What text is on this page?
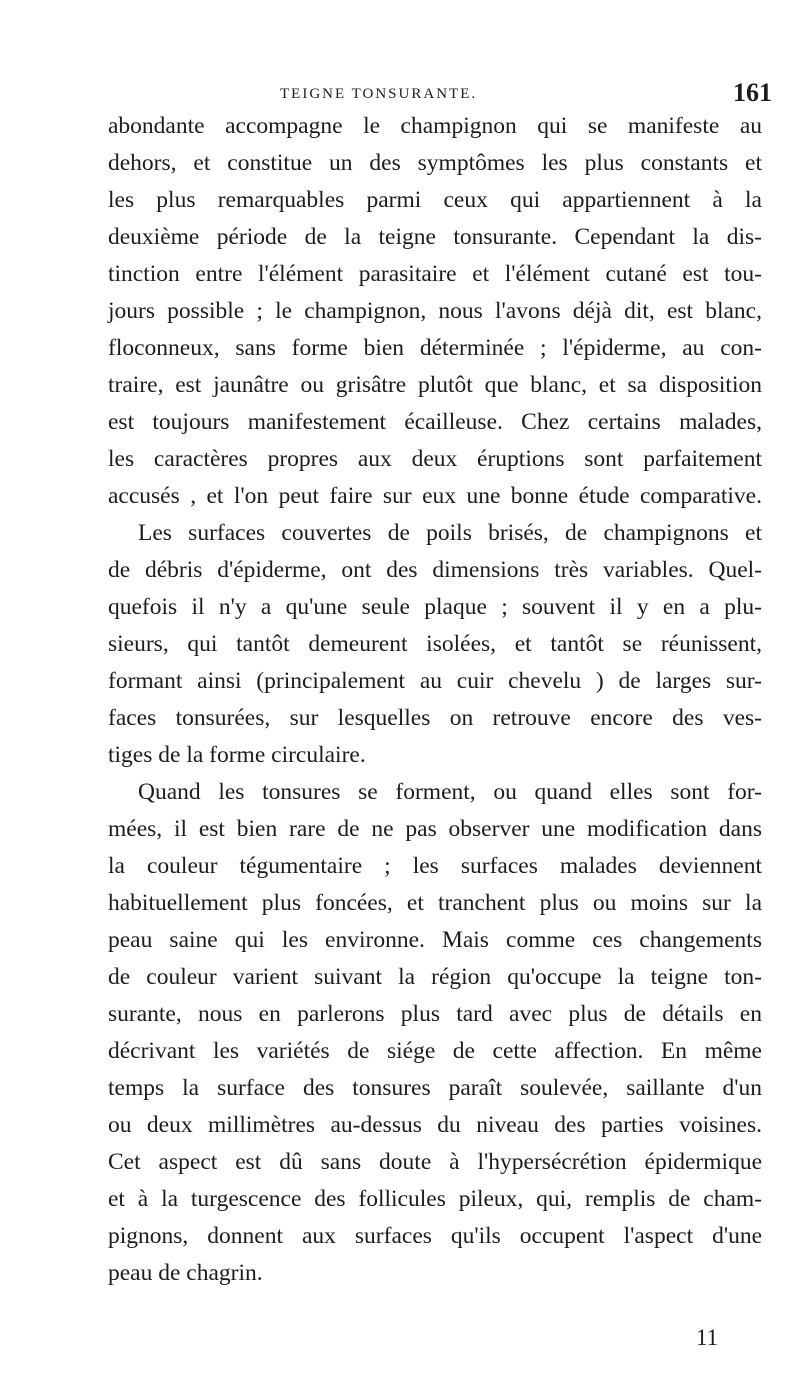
TEIGNE TONSURANTE.	161
abondante accompagne le champignon qui se manifeste au
dehors, et constitue un des symptômes les plus constants et
les plus remarquables parmi ceux qui appartiennent à la
deuxième période de la teigne tonsurante. Cependant la dis-
tinction entre l'élément parasitaire et l'élément cutané est tou-
jours possible ; le champignon, nous l'avons déjà dit, est blanc,
floconneux, sans forme bien déterminée ; l'épiderme, au con-
traire, est jaunâtre ou grisâtre plutôt que blanc, et sa disposition
est toujours manifestement écailleuse. Chez certains malades,
les caractères propres aux deux éruptions sont parfaitement
accusés , et l'on peut faire sur eux une bonne étude comparative.
Les surfaces couvertes de poils brisés, de champignons et
de débris d'épiderme, ont des dimensions très variables. Quel-
quefois il n'y a qu'une seule plaque ; souvent il y en a plu-
sieurs, qui tantôt demeurent isolées, et tantôt se réunissent,
formant ainsi (principalement au cuir chevelu ) de larges sur-
faces tonsurées, sur lesquelles on retrouve encore des ves-
tiges de la forme circulaire.
Quand les tonsures se forment, ou quand elles sont for-
mées, il est bien rare de ne pas observer une modification dans
la couleur tégumentaire ; les surfaces malades deviennent
habituellement plus foncées, et tranchent plus ou moins sur la
peau saine qui les environne. Mais comme ces changements
de couleur varient suivant la région qu'occupe la teigne ton-
surante, nous en parlerons plus tard avec plus de détails en
décrivant les variétés de siége de cette affection. En même
temps la surface des tonsures paraît soulevée, saillante d'un
ou deux millimètres au-dessus du niveau des parties voisines.
Cet aspect est dû sans doute à l'hypersécrétion épidermique
et à la turgescence des follicules pileux, qui, remplis de cham-
pignons, donnent aux surfaces qu'ils occupent l'aspect d'une
peau de chagrin.
11
